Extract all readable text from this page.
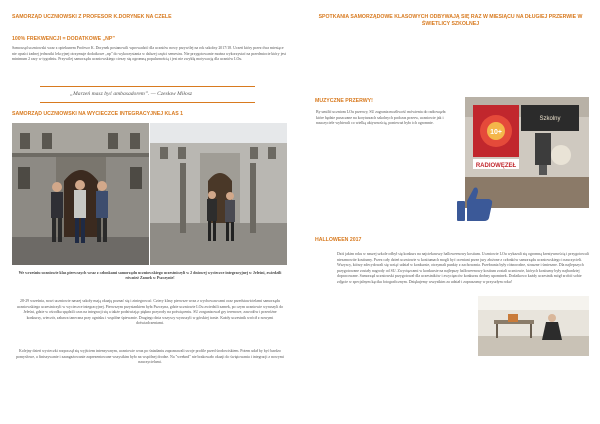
SAMORZĄD UCZNIOWSKI Z PROFESOR K.DORYNEK NA CZELE
100% FREKWENCJI = DODATKOWE „NP”
Samorząd uczniowski wraz z opiekunem Profesor K. Dorynek postanowili wprowadzić dla uczniów nowy przywilej na rok szkolny 2017/18. Uczeń który przez dwa miesiące nie opuści żadnej jednostki lekcyjnej otrzymuje dodatkowe „np” do wykorzystania w dalszej części semestru. Nie przygotowanie można wykorzystać na przedmiocie który jest minimum 2 razy w tygodniu. Przywilej samorządu uczniowskiego cieszy się ogromną popularnością i jest nie zwykłą motywacją dla uczniów LOu.
„Marzeń masz być ambasadorem”. — Czesław Miłosz
SAMORZĄD UCZNIOWSKI NA WYCIECZCE INTEGRACYJNEJ KLAS 1
We wrześniu uczniowie klas pierwszych wraz z członkami samorządu uczniowskiego uczestniczyli w 2 dniowej wycieczce integracyjnej w Jeleśni, zwiedzili również Zamek w Pszczynie!
28-29 września, nowi uczniowie naszej szkoły mają okazję poznać się i zintegrować. Cztery klasy pierwsze wraz z wychowawcami oraz przedstawicielami samorządu uczniowskiego uczestniczyli w wycieczce integracyjnej. Pierwszym przystankiem była Pszczyna, gdzie uczniowie LOu zwiedzili zamek, po czym uczniowie wyruszyli do Jeleśni, gdzie w ośrodku spędzili czas na integracji się a także podziwiając piękno przyrody na poświęceniu. SU zorganizował gry terenowe, zawodów i przeróżne konkursy, wieczór, zabawa taneczna przy ognisku i wspólne śpiewanie. Drugiego dnia wszyscy wyruszyli w górskiej trasie. Każdy uczestnik wrócił z nowymi doświadczeniami.
Kolejny dzień wycieczki rozpoczął się wyjściem intensywnym, uczniowie wraz po śniadaniu zapoznawali swoje profile przed środowiskiem. Potem udał by być bardzo pomysłowe, a finiszywanie i zaangażowanie zaprezentowane wszystkim było na wspólnej drodze. Na "weeknd" nie brakowało okazji do świętowania i integracji z nowymi nauczycielami.
SPOTKANIA SAMORZĄDOWE KLASOWYCH ODBYWAJĄ SIĘ RAZ W MIESIĄCU NA DŁUGIEJ PRZERWIE W ŚWIETLICY SZKOLNEJ
MUZYCZNE PRZERWY!
By umilić uczniom LOu przerwy, SU zagrania możliwość mówienia do radiowęzła które będzie puszczane na korytarzach szkolnych podczas przerw, uczniowie jak i nauczyciele wybierali co wielką aktywnością, ponieważ było ich ogromnie.
10+
Szkolny
RADIOWĘZEŁ
HALLOWEEN 2017
Dziś jakim roku w naszej szkole odbył się konkurs na najciekawszy halloweenowy kostium. Uczniowie LOu wykazali się ogromną kreatywnością i przygotowali niesamowite kostiumy. Przez cały dzień uczniowie w kostiumach mogli być oceniani przez jury złożone z członków samorządu uczniowskiego i nauczycieli. Wszyscy, którzy zdecydowali się wziąć udział w konkursie, otrzymali punkty z zachowania. Przebrania były różnorodne, straszne i śmieszne. Dla najlepszych przygotowane zostały nagrody od SU. Zwycięzcami w konkursie na najlepszy halloweenowy kostium zostali uczniowie, których kostiumy były najbardziej dopracowane. Samorząd uczniowski przygotował dla uczestników i zwycięzców konkursu drobny upominek. Dodatkowo każdy uczestnik mógł zrobić sobie zdjęcie w specjalnym kąciku fotograficznym. Dziękujemy wszystkim za udział i zapraszamy w przyszłym roku!
